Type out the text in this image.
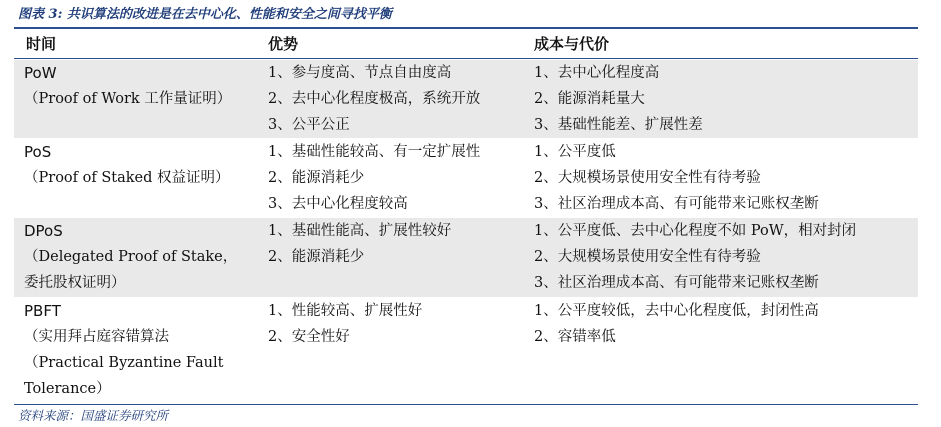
图表 3: 共识算法的改进是在去中心化、性能和安全之间寻找平衡
时间	优势	成本与代价
PoW
（Proof of Work 工作量证明）
1、参与度高、节点自由度高
2、去中心化程度极高，系统开放
3、公平公正
1、去中心化程度高
2、能源消耗量大
3、基础性能差、扩展性差
PoS
（Proof of Staked 权益证明）
1、基础性能较高、有一定扩展性
2、能源消耗少
3、去中心化程度较高
1、公平度低
2、大规模场景使用安全性有待考验
3、社区治理成本高、有可能带来记账权垄断
DPoS
（Delegated Proof of Stake，
委托股权证明）
1、基础性能高、扩展性较好
2、能源消耗少
1、公平度低、去中心化程度不如 PoW，相对封闭
2、大规模场景使用安全性有待考验
3、社区治理成本高、有可能带来记账权垄断
PBFT
（实用拜占庭容错算法
（Practical Byzantine Fault
Tolerance）
1、性能较高、扩展性好
2、安全性好
1、公平度较低，去中心化程度低，封闭性高
2、容错率低
资料来源：国盛证券研究所
